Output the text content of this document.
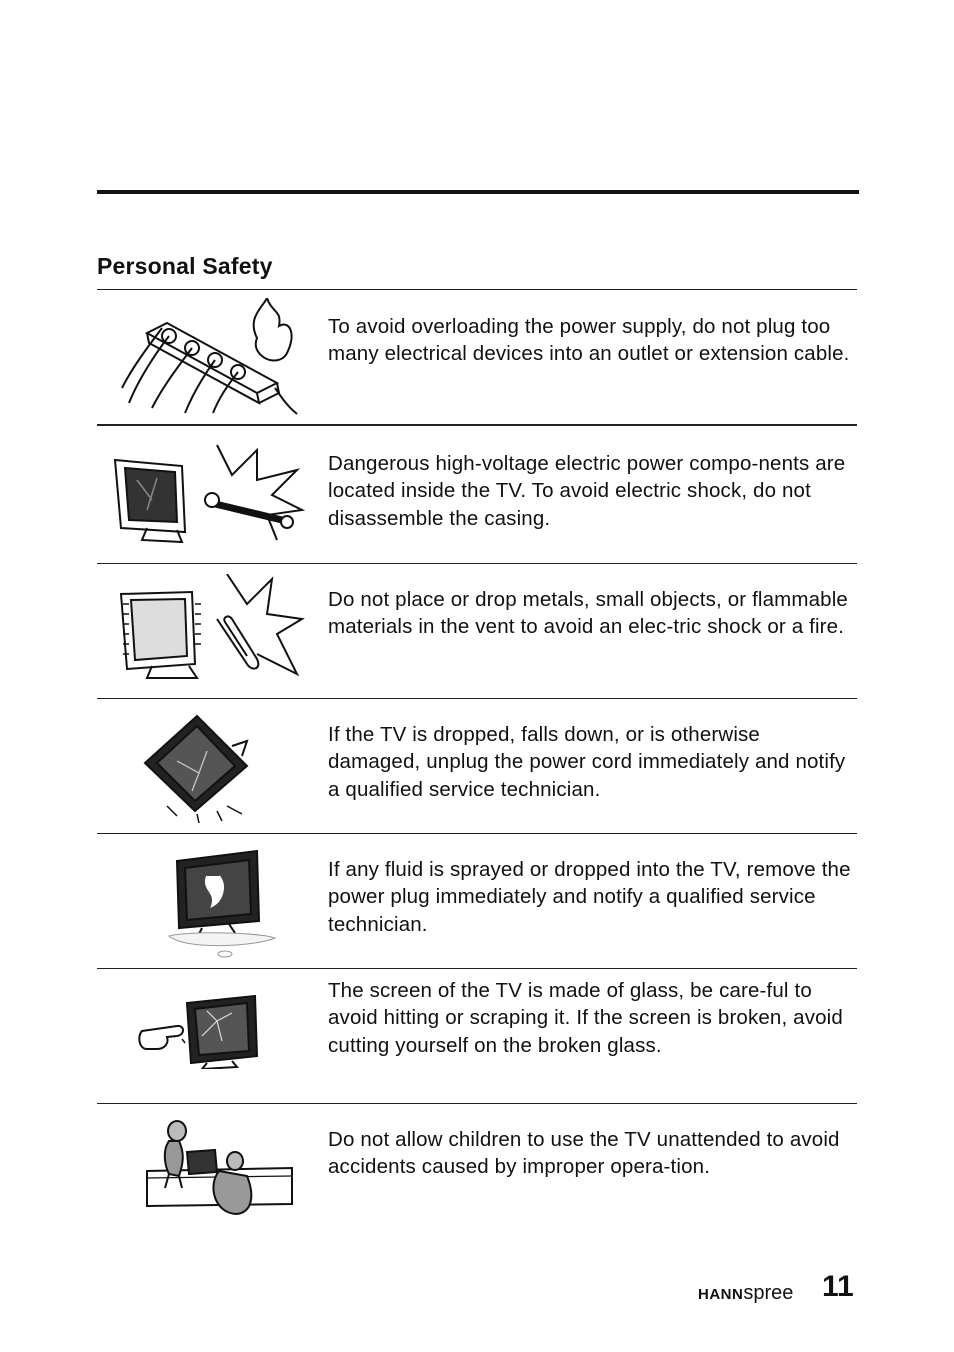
Personal Safety

To avoid overloading the power supply, do not plug too many electrical devices into an outlet or extension cable.

Dangerous high-voltage electric power compo-nents are located inside the TV. To avoid electric shock, do not disassemble the casing.

Do not place or drop metals, small objects, or flammable materials in the vent to avoid an elec-tric shock or a fire.

If the TV is dropped, falls down, or is otherwise damaged, unplug the power cord immediately and notify a qualified service technician.

If any fluid is sprayed or dropped into the TV, remove the power plug immediately and notify a qualified service technician.

The screen of the TV is made of glass, be care-ful to avoid hitting or scraping it. If the screen is broken, avoid cutting yourself on the broken glass.

Do not allow children to use the TV unattended to avoid accidents caused by improper opera-tion.

HANNspree 11
